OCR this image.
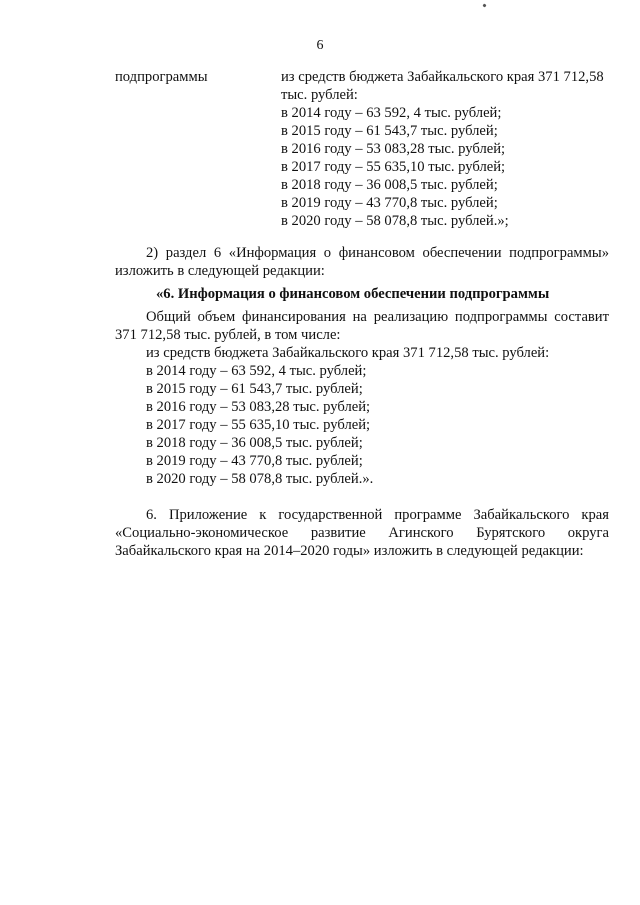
6
подпрограммы	из средств бюджета Забайкальского края 371 712,58
тыс. рублей:
в 2014 году – 63 592, 4 тыс. рублей;
в 2015 году – 61 543,7 тыс. рублей;
в 2016 году – 53 083,28 тыс. рублей;
в 2017 году – 55 635,10 тыс. рублей;
в 2018 году – 36 008,5 тыс. рублей;
в 2019 году – 43 770,8 тыс. рублей;
в 2020 году – 58 078,8 тыс. рублей.»;
2) раздел 6 «Информация о финансовом обеспечении подпрограммы»
изложить в следующей редакции:
«6. Информация о финансовом обеспечении подпрограммы
Общий объем финансирования на реализацию подпрограммы составит
371 712,58 тыс. рублей, в том числе:
из средств бюджета Забайкальского края 371 712,58 тыс. рублей:
в 2014 году – 63 592, 4 тыс. рублей;
в 2015 году – 61 543,7 тыс. рублей;
в 2016 году – 53 083,28 тыс. рублей;
в 2017 году – 55 635,10 тыс. рублей;
в 2018 году – 36 008,5 тыс. рублей;
в 2019 году – 43 770,8 тыс. рублей;
в 2020 году – 58 078,8 тыс. рублей.».
6. Приложение к государственной программе Забайкальского края
«Социально-экономическое развитие Агинского Бурятского округа
Забайкальского края на 2014–2020 годы» изложить в следующей редакции:
